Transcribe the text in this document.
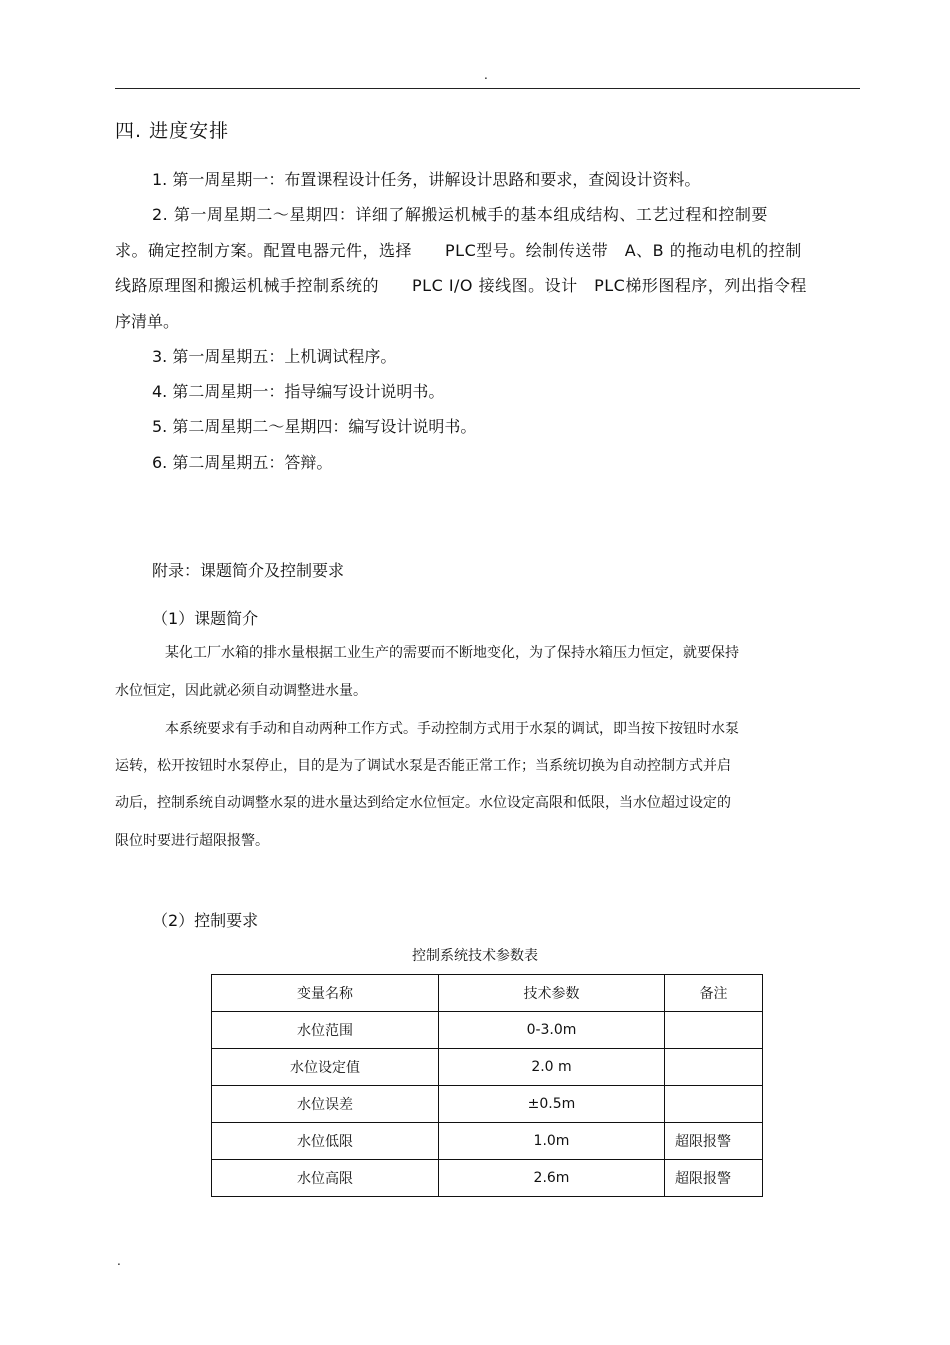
.
四. 进度安排
1. 第一周星期一：布置课程设计任务，讲解设计思路和要求，查阅设计资料。
2. 第一周星期二～星期四：详细了解搬运机械手的基本组成结构、工艺过程和控制要
求。确定控制方案。配置电器元件，选择　　PLC型号。绘制传送带　A、B 的拖动电机的控制
线路原理图和搬运机械手控制系统的　　PLC I/O 接线图。设计　PLC梯形图程序，列出指令程
序清单。
3. 第一周星期五：上机调试程序。
4. 第二周星期一：指导编写设计说明书。
5. 第二周星期二～星期四：编写设计说明书。
6. 第二周星期五：答辩。
附录：课题简介及控制要求
（1）课题简介
某化工厂水箱的排水量根据工业生产的需要而不断地变化，为了保持水箱压力恒定，就要保持
水位恒定，因此就必须自动调整进水量。
本系统要求有手动和自动两种工作方式。手动控制方式用于水泵的调试，即当按下按钮时水泵
运转，松开按钮时水泵停止，目的是为了调试水泵是否能正常工作；当系统切换为自动控制方式并启
动后，控制系统自动调整水泵的进水量达到给定水位恒定。水位设定高限和低限，当水位超过设定的
限位时要进行超限报警。
（2）控制要求
控制系统技术参数表
变量名称	技术参数	备注
水位范围	0-3.0m	
水位设定值	2.0 m	
水位误差	±0.5m	
水位低限	1.0m	超限报警
水位高限	2.6m	超限报警
.
